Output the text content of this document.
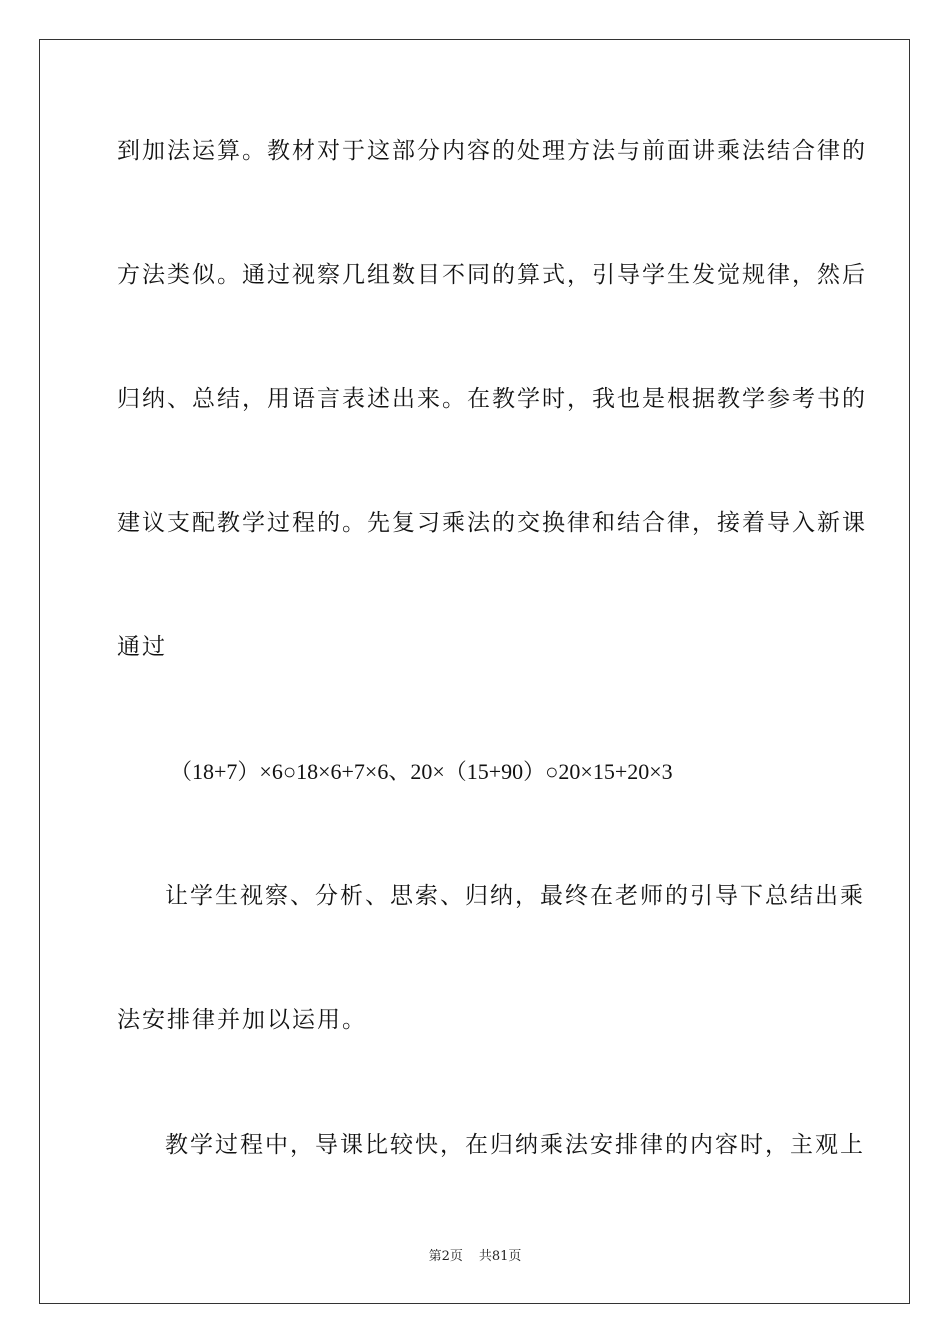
到加法运算。教材对于这部分内容的处理方法与前面讲乘法结合律的
方法类似。通过视察几组数目不同的算式，引导学生发觉规律，然后
归纳、总结，用语言表述出来。在教学时，我也是根据教学参考书的
建议支配教学过程的。先复习乘法的交换律和结合律，接着导入新课
通过
（18+7）×6○18×6+7×6、20×（15+90）○20×15+20×3
让学生视察、分析、思索、归纳，最终在老师的引导下总结出乘
法安排律并加以运用。
教学过程中，导课比较快，在归纳乘法安排律的内容时，主观上
第2页 共81页
